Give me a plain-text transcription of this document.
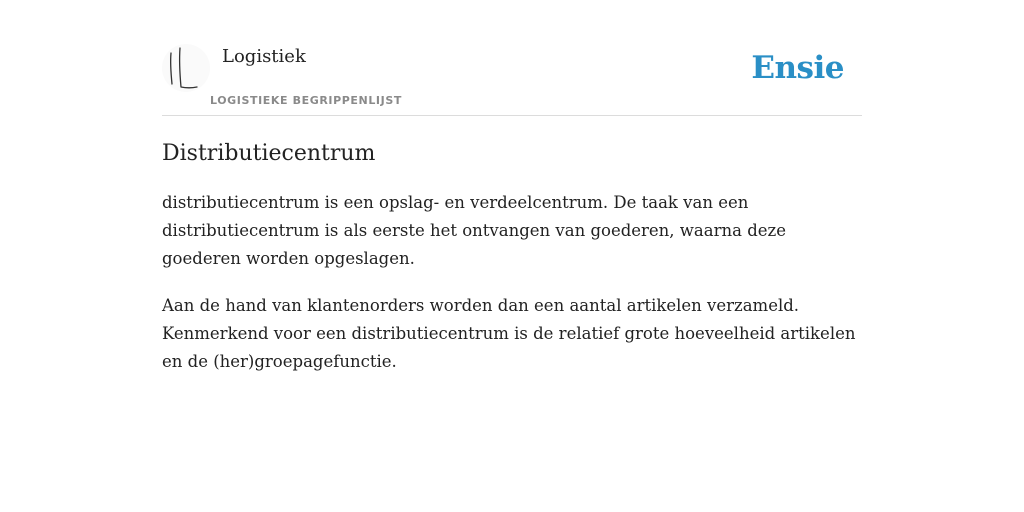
Logistiek

LOGISTIEKE BEGRIPPENLIJST

Ensie
Distributiecentrum

distributiecentrum is een opslag- en verdeelcentrum. De taak van een distributiecentrum is als eerste het ontvangen van goederen, waarna deze goederen worden opgeslagen.

Aan de hand van klantenorders worden dan een aantal artikelen verzameld. Kenmerkend voor een distributiecentrum is de relatief grote hoeveelheid artikelen en de (her)groepagefunctie.
